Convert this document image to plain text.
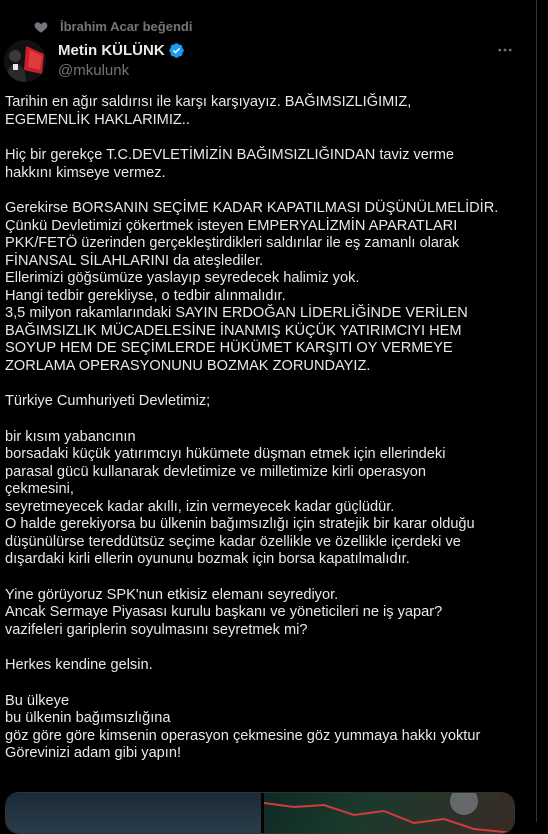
İbrahim Acar beğendi
Metin KÜLÜNK
@mkulunk

Tarihin en ağır saldırısı ile karşı karşıyayız. BAĞIMSIZLIĞIMIZ,

EGEMENLİK HAKLARIMIZ..

Hiç bir gerekçe T.C.DEVLETİMİZİN BAĞIMSIZLIĞINDAN taviz verme

hakkını kimseye vermez.

Gerekirse BORSANIN SEÇİME KADAR KAPATILMASI DÜŞÜNÜLMELİDİR.

Çünkü Devletimizi çökertmek isteyen EMPERYALİZMİN APARATLARI

PKK/FETÖ üzerinden gerçekleştirdikleri saldırılar ile eş zamanlı olarak

FİNANSAL SİLAHLARINI da ateşlediler.

Ellerimizi göğsümüze yaslayıp seyredecek halimiz yok.

Hangi tedbir gerekliyse, o tedbir alınmalıdır.

3,5 milyon rakamlarındaki SAYIN ERDOĞAN LİDERLİĞİNDE VERİLEN

BAĞIMSIZLIK MÜCADELESİNE İNANMIŞ KÜÇÜK YATIRIMCIYI HEM

SOYUP HEM DE SEÇİMLERDE HÜKÜMET KARŞITI OY VERMEYE

ZORLAMA OPERASYONUNU BOZMAK ZORUNDAYIZ.

Türkiye Cumhuriyeti Devletimiz;

bir kısım yabancının

borsadaki küçük yatırımcıyı hükümete düşman etmek için ellerindeki

parasal gücü kullanarak devletimize ve milletimize kirli operasyon

çekmesini,

seyretmeyecek kadar akıllı, izin vermeyecek kadar güçlüdür.

O halde gerekiyorsa bu ülkenin bağımsızlığı için stratejik bir karar olduğu

düşünülürse tereddütsüz seçime kadar özellikle ve özellikle içerdeki ve

dışardaki kirli ellerin oyununu bozmak için borsa kapatılmalıdır.

Yine görüyoruz SPK'nun etkisiz elemanı seyrediyor.

Ancak Sermaye Piyasası kurulu başkanı ve yöneticileri ne iş yapar?

vazifeleri gariplerin soyulmasını seyretmek mi?

Herkes kendine gelsin.

Bu ülkeye

bu ülkenin bağımsızlığına

göz göre göre kimsenin operasyon çekmesine göz yummaya hakkı yoktur

Görevinizi adam gibi yapın!
